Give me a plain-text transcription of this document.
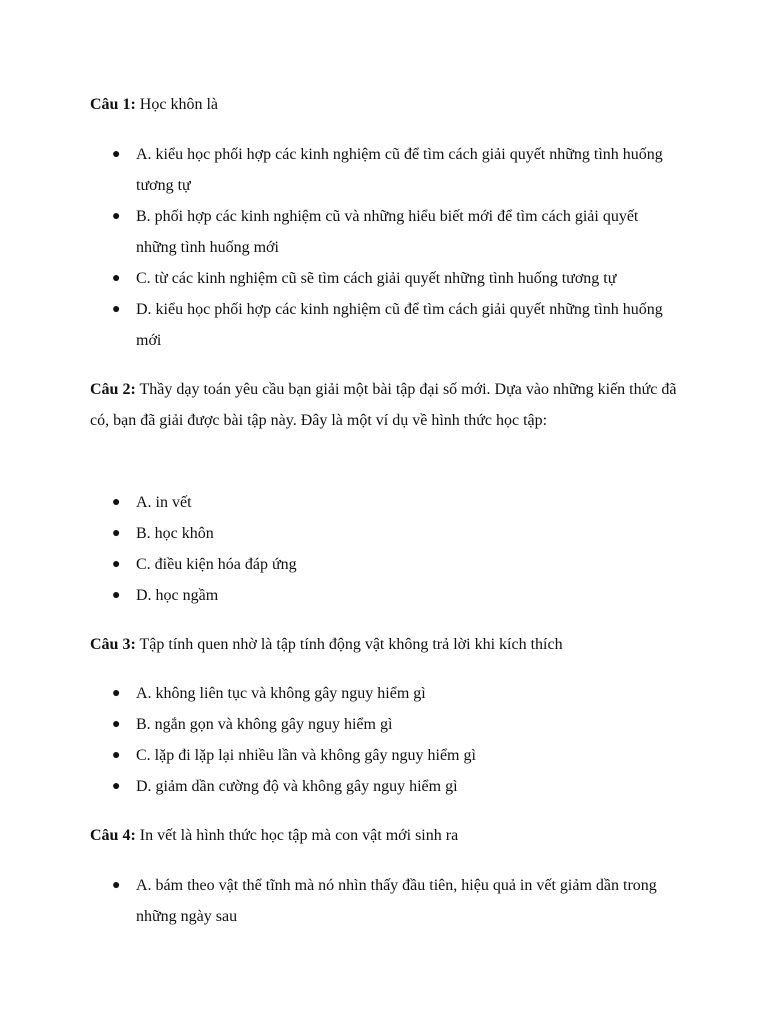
Câu 1: Học khôn là

● A. kiểu học phối hợp các kinh nghiệm cũ để tìm cách giải quyết những tình huống tương tự
● B. phối hợp các kinh nghiệm cũ và những hiểu biết mới để tìm cách giải quyết những tình huống mới
● C. từ các kinh nghiệm cũ sẽ tìm cách giải quyết những tình huống tương tự
● D. kiểu học phối hợp các kinh nghiệm cũ để tìm cách giải quyết những tình huống mới

Câu 2: Thầy dạy toán yêu cầu bạn giải một bài tập đại số mới. Dựa vào những kiến thức đã có, bạn đã giải được bài tập này. Đây là một ví dụ về hình thức học tập:

● A. in vết
● B. học khôn
● C. điều kiện hóa đáp ứng
● D. học ngầm

Câu 3: Tập tính quen nhờ là tập tính động vật không trả lời khi kích thích

● A. không liên tục và không gây nguy hiểm gì
● B. ngắn gọn và không gây nguy hiểm gì
● C. lặp đi lặp lại nhiều lần và không gây nguy hiểm gì
● D. giảm dần cường độ và không gây nguy hiểm gì

Câu 4: In vết là hình thức học tập mà con vật mới sinh ra

● A. bám theo vật thể tĩnh mà nó nhìn thấy đầu tiên, hiệu quả in vết giảm dần trong những ngày sau
